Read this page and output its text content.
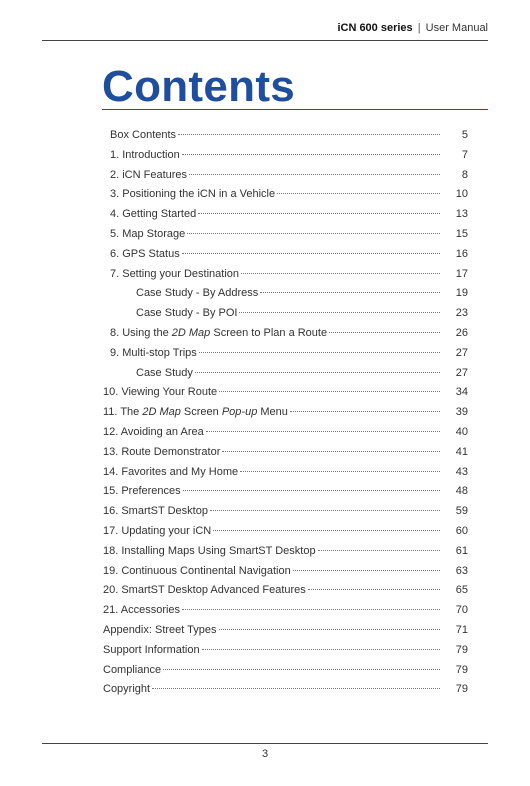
iCN 600 series | User Manual
Contents
Box Contents	5
1. Introduction	7
2. iCN Features	8
3. Positioning the iCN in a Vehicle	10
4. Getting Started	13
5. Map Storage	15
6. GPS Status	16
7. Setting your Destination	17
Case Study - By Address	19
Case Study - By POI	23
8. Using the 2D Map Screen to Plan a Route	26
9. Multi-stop Trips	27
Case Study	27
10. Viewing Your Route	34
11. The 2D Map Screen Pop-up Menu	39
12. Avoiding an Area	40
13. Route Demonstrator	41
14. Favorites and My Home	43
15. Preferences	48
16. SmartST Desktop	59
17. Updating your iCN	60
18. Installing Maps Using SmartST Desktop	61
19. Continuous Continental Navigation	63
20. SmartST Desktop Advanced Features	65
21. Accessories	70
Appendix: Street Types	71
Support Information	79
Compliance	79
Copyright	79
3
